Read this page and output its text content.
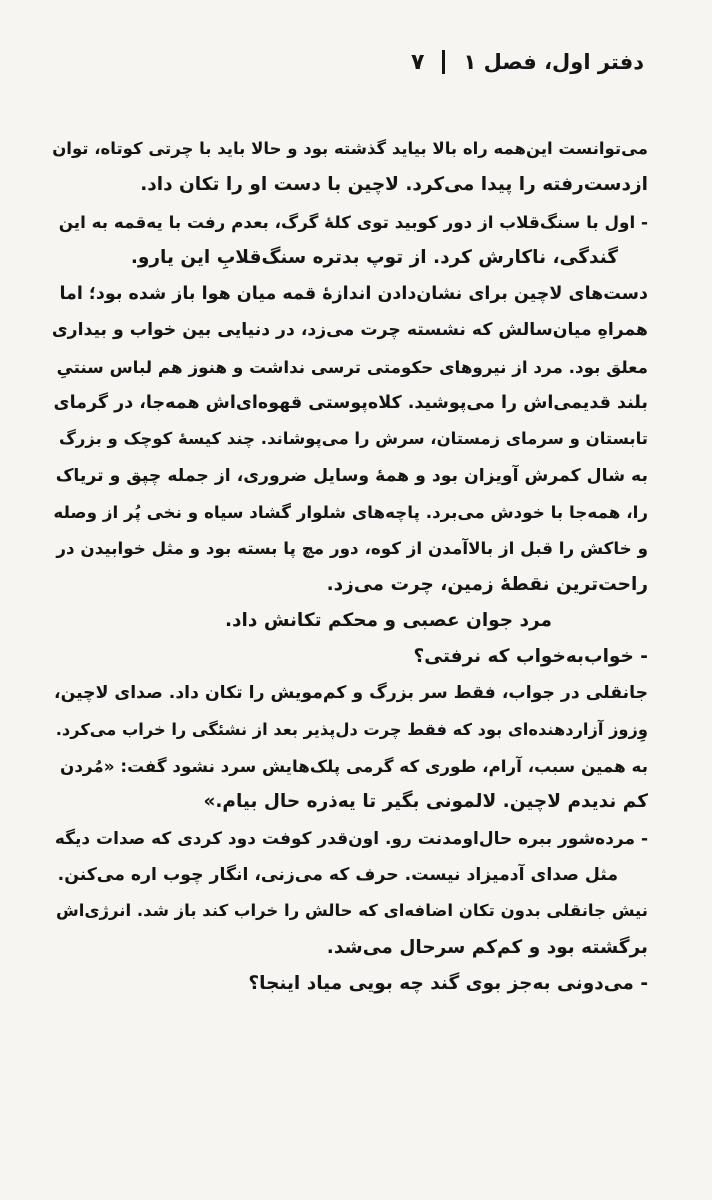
دفتر اول، فصل ۱
۷
می‌توانست این‌همه راه بالا بیاید گذشته بود و حالا باید با چرتی کوتاه، توان
ازدست‌رفته را پیدا می‌کرد. لاچین با دست او را تکان داد.
- اول با سنگ‌قلاب از دور کوبید توی کلهٔ گرگ، بعدم رفت با یه‌قمه به این
گندگی، ناکارش کرد. از توپ بدتره سنگ‌قلابِ این یارو.
دست‌های لاچین برای نشان‌دادن اندازهٔ قمه میان هوا باز شده بود؛ اما
همراهِ میان‌سالش که نشسته چرت می‌زد، در دنیایی بین خواب و بیداری
معلق بود. مرد از نیروهای حکومتی ترسی نداشت و هنوز هم لباس سنتیِ
بلند قدیمی‌اش را می‌پوشید. کلاه‌پوستی قهوه‌ای‌اش همه‌جا، در گرمای
تابستان و سرمای زمستان، سرش را می‌پوشاند. چند کیسهٔ کوچک و بزرگ
به شال کمرش آویزان بود و همهٔ وسایل ضروری، از جمله چپق و تریاک
را، همه‌جا با خودش می‌برد. پاچه‌های شلوار گشاد سیاه و نخی پُر از وصله
و خاکش را قبل از بالاآمدن از کوه، دور مچ پا بسته بود و مثل خوابیدن در
راحت‌ترین نقطهٔ زمین، چرت می‌زد.
مرد جوان عصبی و محکم تکانش داد.
- خواب‌به‌خواب که نرفتی؟
جانقلی در جواب، فقط سر بزرگ و کم‌مویش را تکان داد. صدای لاچین،
وِزوز آزاردهنده‌ای بود که فقط چرت دل‌پذیر بعد از نشئگی را خراب می‌کرد.
به همین سبب، آرام، طوری که گرمی پلک‌هایش سرد نشود گفت: «مُردن
کم ندیدم لاچین. لالمونی بگیر تا یه‌ذره حال بیام.»
- مرده‌شور ببره حال‌اومدنت رو. اون‌قدر کوفت دود کردی که صدات دیگه
مثل صدای آدمیزاد نیست. حرف که می‌زنی، انگار چوب اره می‌کنن.
نیش جانقلی بدون تکان اضافه‌ای که حالش را خراب کند باز شد. انرژی‌اش
برگشته بود و کم‌کم سرحال می‌شد.
- می‌دونی به‌جز بوی گند چه بویی میاد اینجا؟
